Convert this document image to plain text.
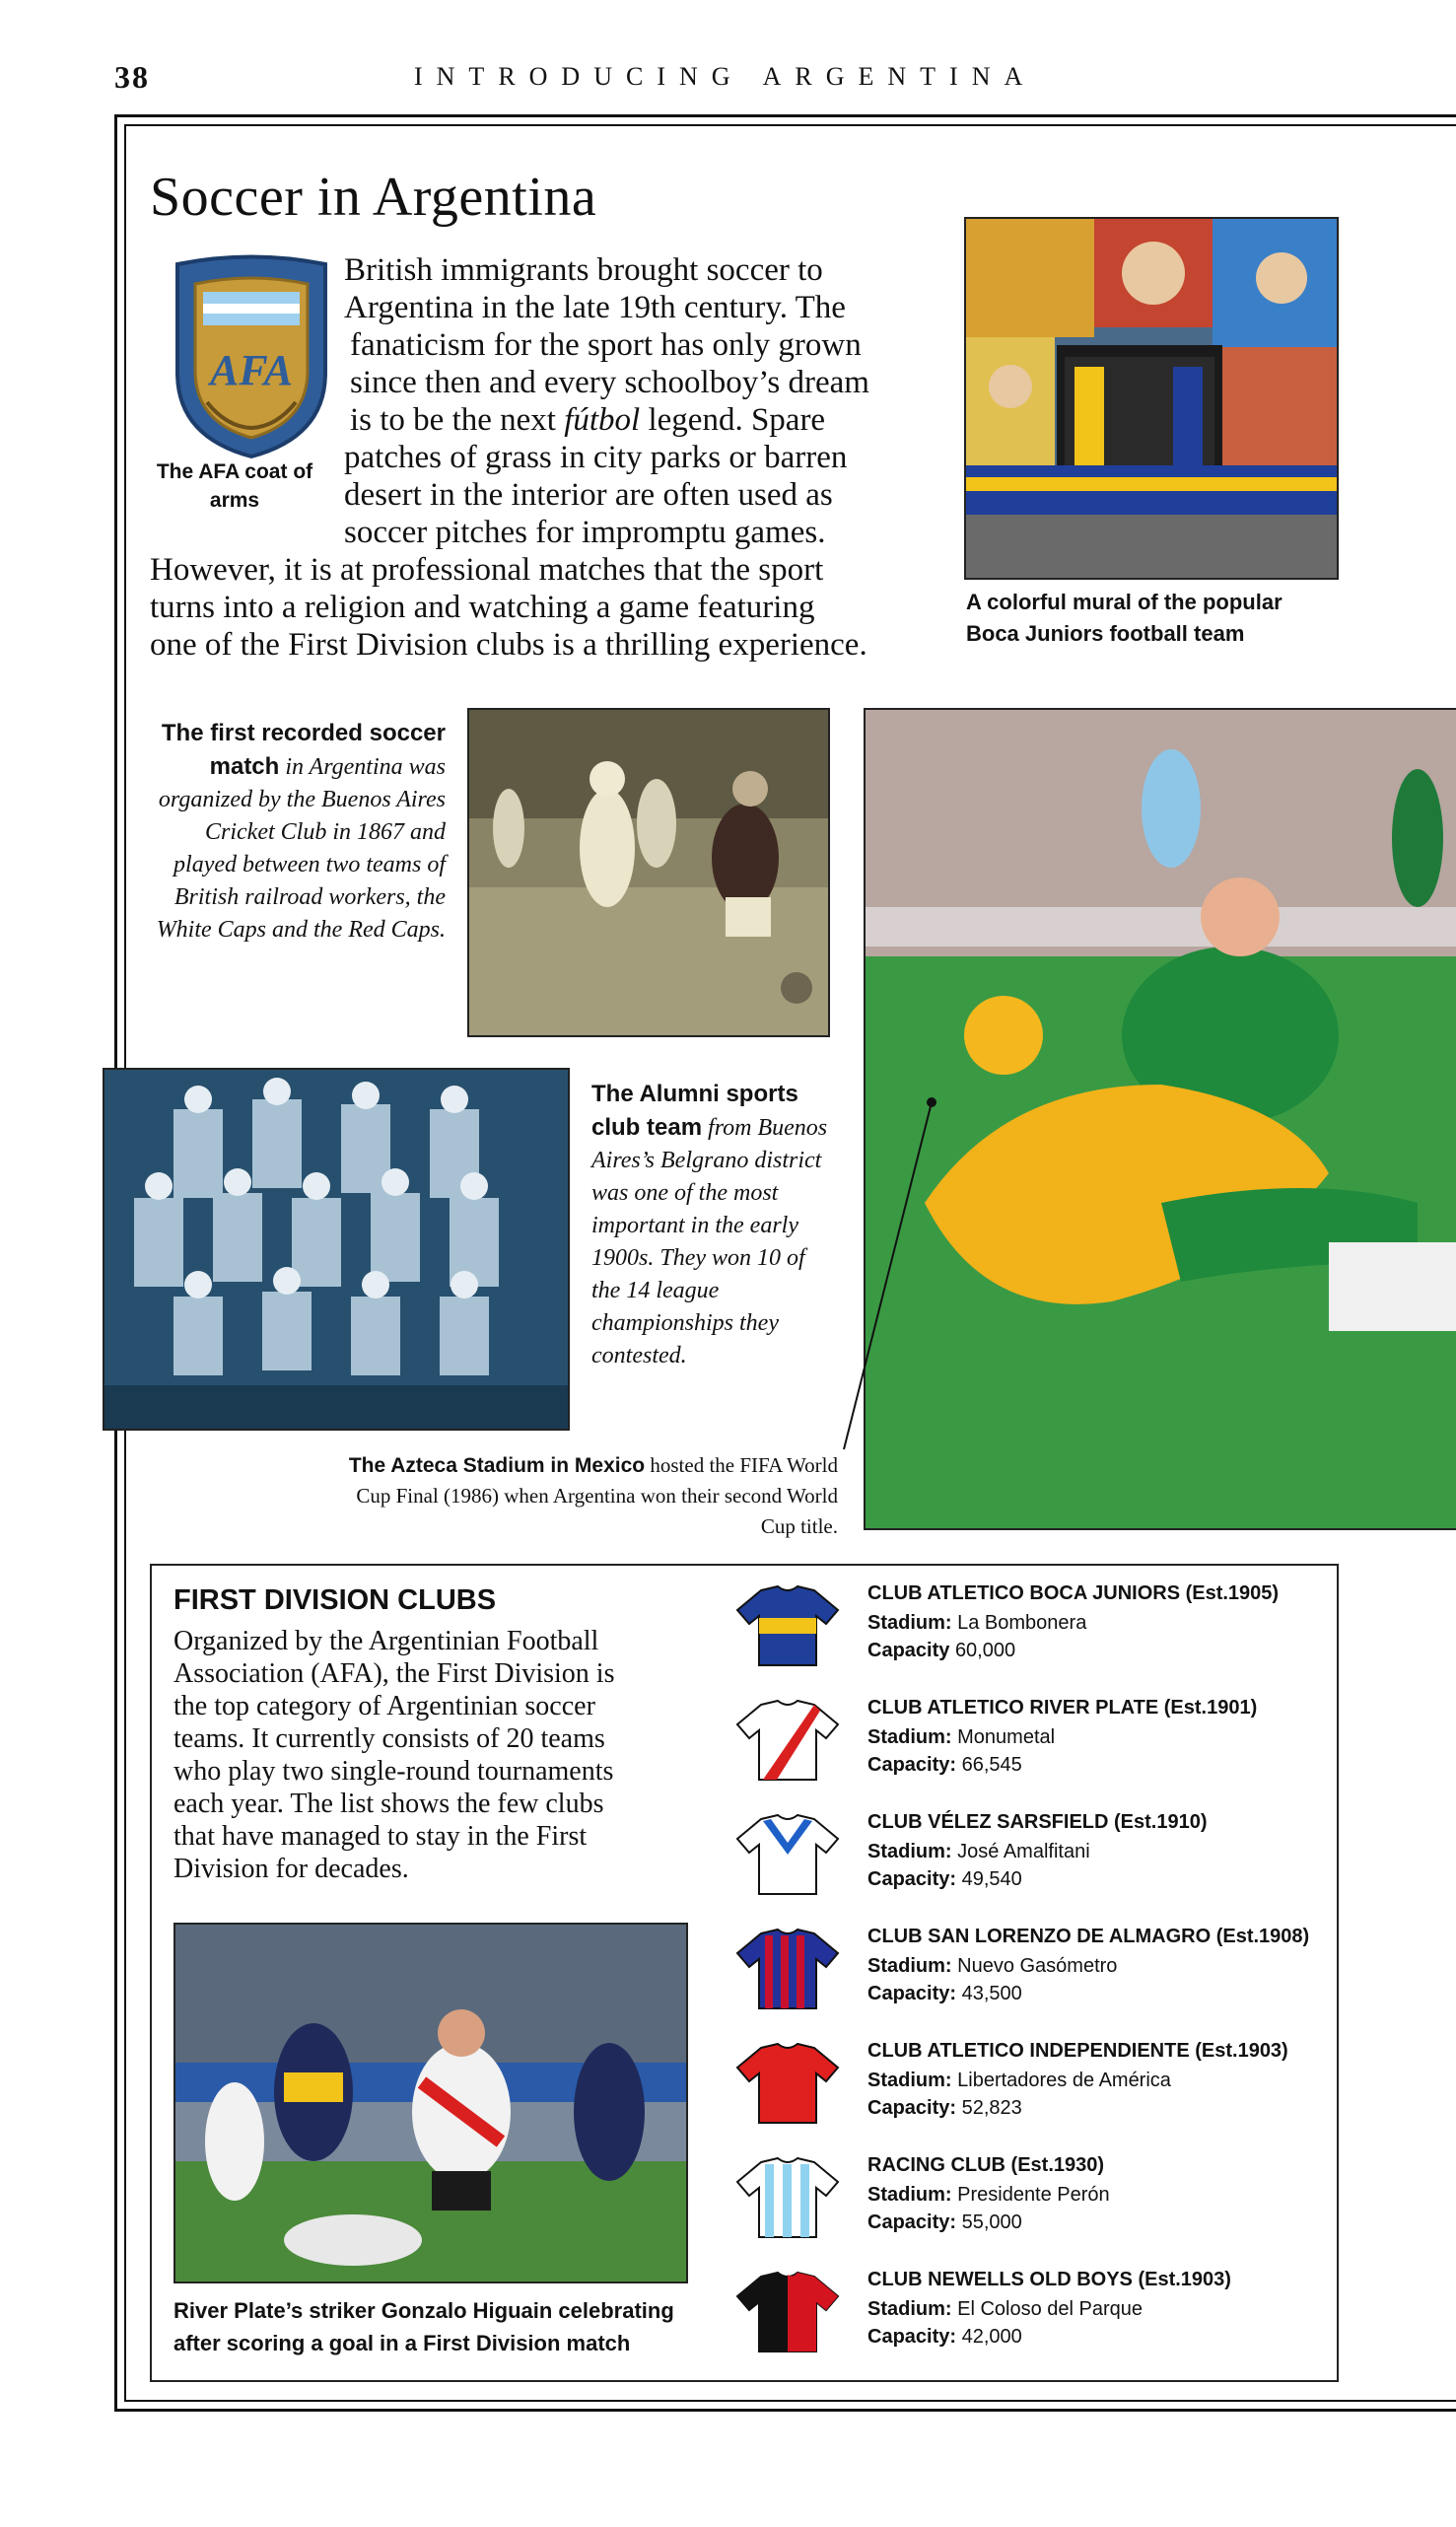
38	INTRODUCING ARGENTINA
Soccer in Argentina
AFA
The AFA coat of arms
British immigrants brought soccer to
Argentina in the late 19th century. The
fanaticism for the sport has only grown
since then and every schoolboy’s dream
is to be the next fútbol legend. Spare
patches of grass in city parks or barren
desert in the interior are often used as
soccer pitches for impromptu games.
However, it is at professional matches that the sport
turns into a religion and watching a game featuring
one of the First Division clubs is a thrilling experience.
A colorful mural of the popular Boca Juniors football team
The first recorded soccer match in Argentina was organized by the Buenos Aires Cricket Club in 1867 and played between two teams of British railroad workers, the White Caps and the Red Caps.
The Alumni sports club team from Buenos Aires’s Belgrano district was one of the most important in the early 1900s. They won 10 of the 14 league championships they contested.
The Azteca Stadium in Mexico hosted the FIFA World Cup Final (1986) when Argentina won their second World Cup title.
FIRST DIVISION CLUBS
Organized by the Argentinian Football
Association (AFA), the First Division is
the top category of Argentinian soccer
teams. It currently consists of 20 teams
who play two single-round tournaments
each year. The list shows the few clubs
that have managed to stay in the First
Division for decades.
River Plate’s striker Gonzalo Higuain celebrating after scoring a goal in a First Division match
CLUB ATLETICO BOCA JUNIORS (Est.1905)
Stadium: La Bombonera
Capacity 60,000
CLUB ATLETICO RIVER PLATE (Est.1901)
Stadium: Monumetal
Capacity: 66,545
CLUB VÉLEZ SARSFIELD (Est.1910)
Stadium: José Amalfitani
Capacity: 49,540
CLUB SAN LORENZO DE ALMAGRO (Est.1908)
Stadium: Nuevo Gasómetro
Capacity: 43,500
CLUB ATLETICO INDEPENDIENTE (Est.1903)
Stadium: Libertadores de América
Capacity: 52,823
RACING CLUB (Est.1930)
Stadium: Presidente Perón
Capacity: 55,000
CLUB NEWELLS OLD BOYS (Est.1903)
Stadium: El Coloso del Parque
Capacity: 42,000
